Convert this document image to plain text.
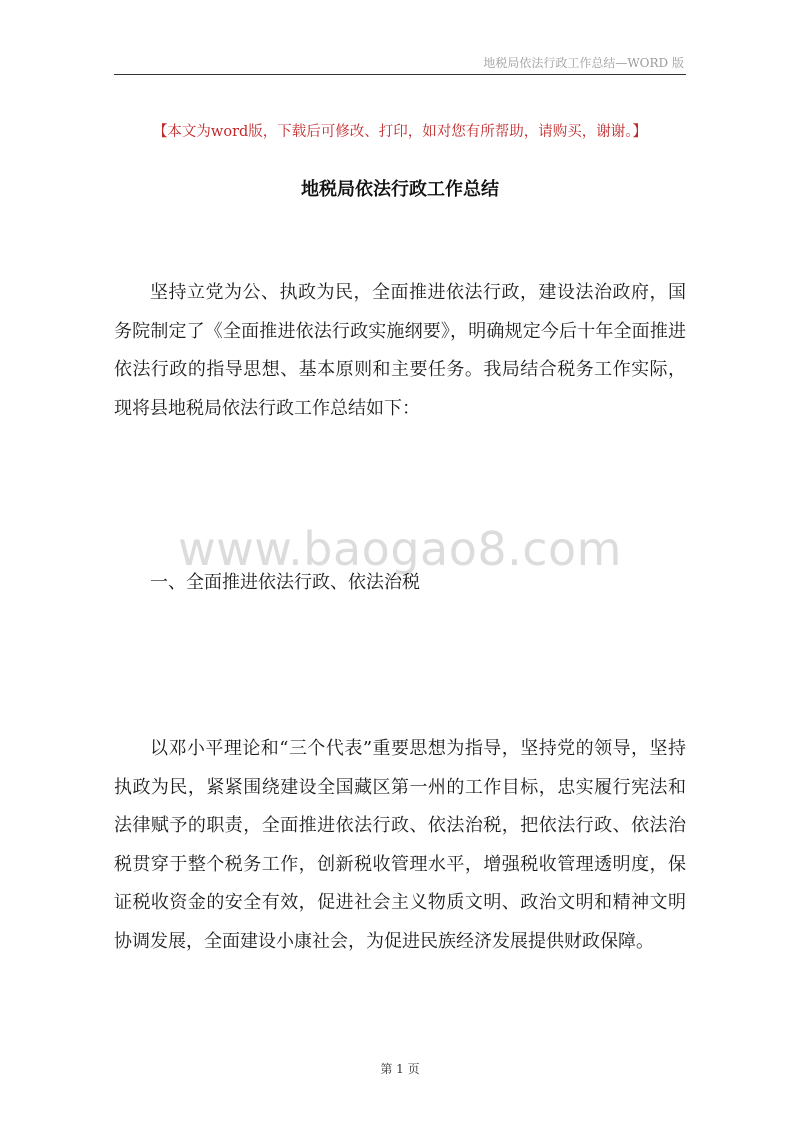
地税局依法行政工作总结—WORD 版
【本文为word版，下载后可修改、打印，如对您有所帮助，请购买，谢谢。】
地税局依法行政工作总结

坚持立党为公、执政为民，全面推进依法行政，建设法治政府，国务院制定了《全面推进依法行政实施纲要》，明确规定今后十年全面推进依法行政的指导思想、基本原则和主要任务。我局结合税务工作实际，现将县地税局依法行政工作总结如下：

www.baogao8.com

一、全面推进依法行政、依法治税

以邓小平理论和“三个代表”重要思想为指导，坚持党的领导，坚持执政为民，紧紧围绕建设全国藏区第一州的工作目标，忠实履行宪法和法律赋予的职责，全面推进依法行政、依法治税，把依法行政、依法治税贯穿于整个税务工作，创新税收管理水平，增强税收管理透明度，保证税收资金的安全有效，促进社会主义物质文明、政治文明和精神文明协调发展，全面建设小康社会，为促进民族经济发展提供财政保障。

第 1 页
